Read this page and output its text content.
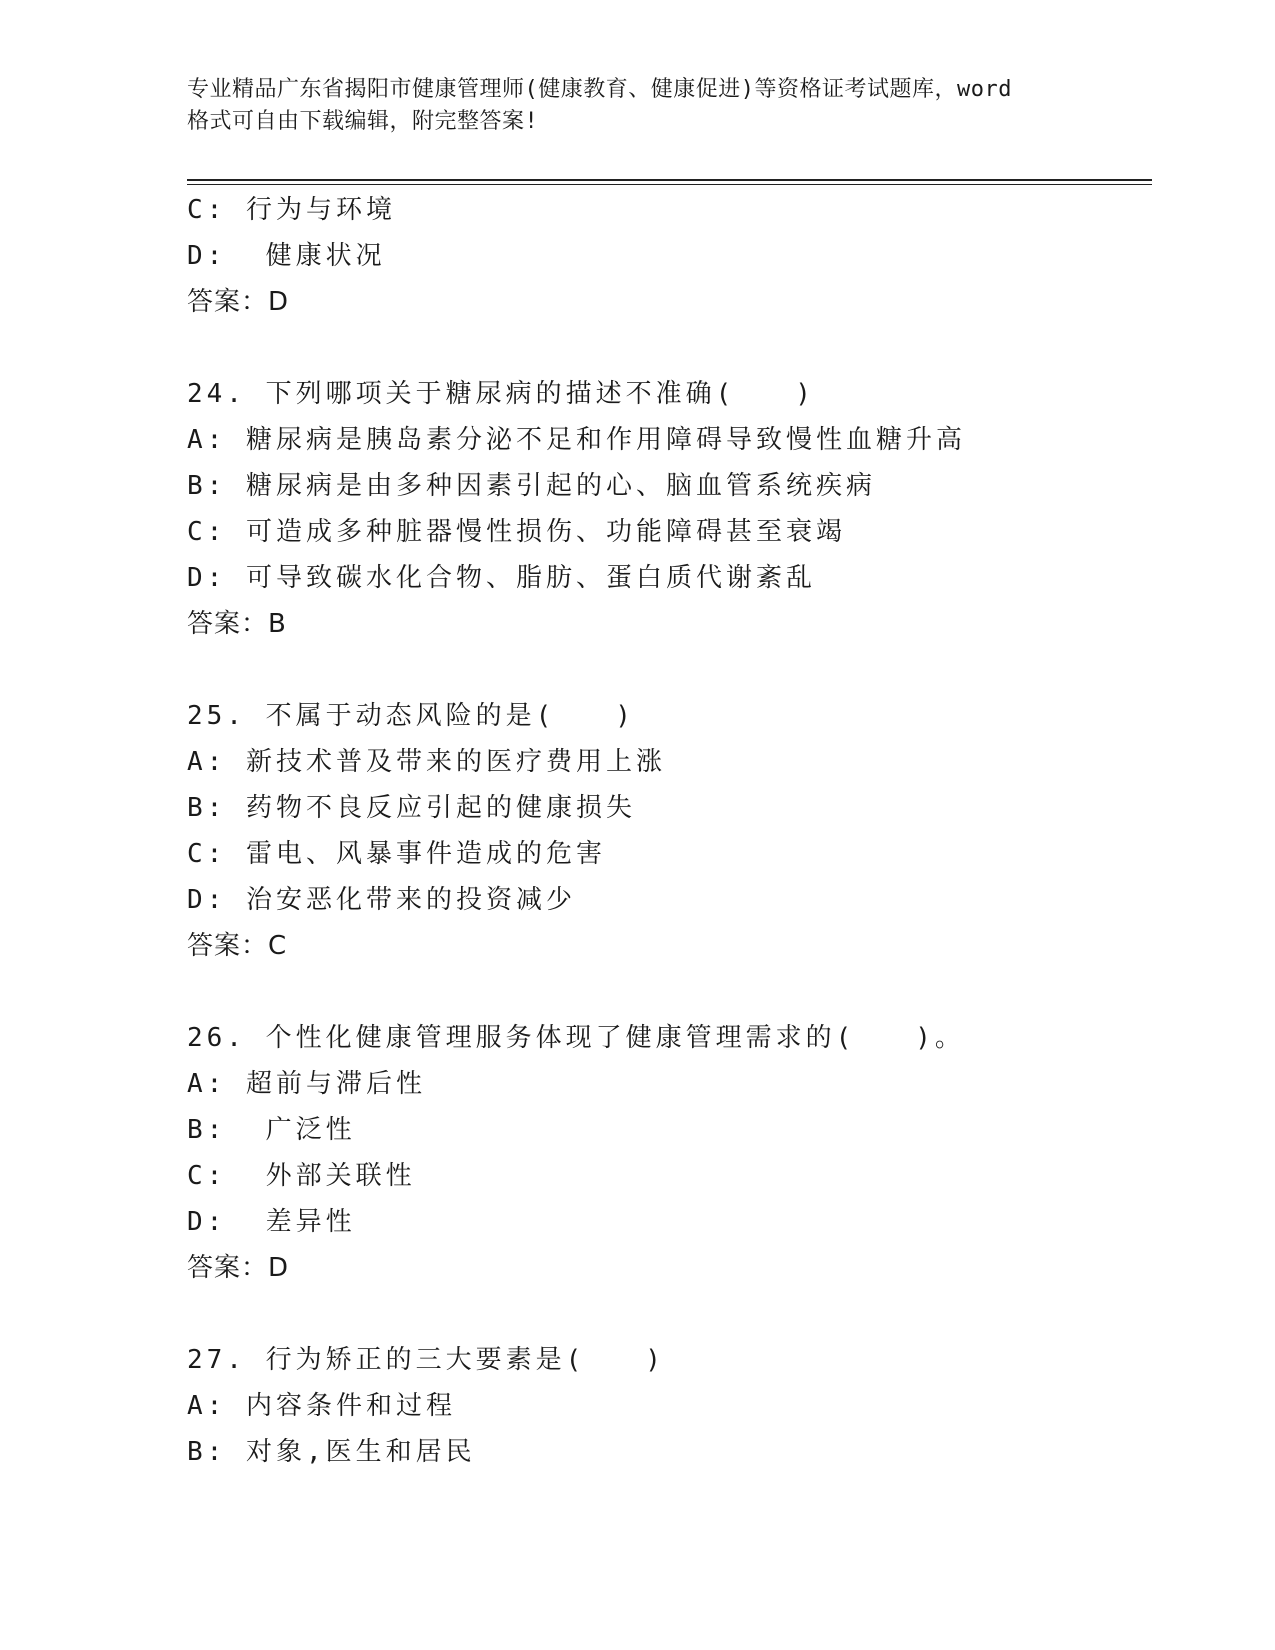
专业精品广东省揭阳市健康管理师(健康教育、健康促进)等资格证考试题库，word
格式可自由下载编辑，附完整答案!
C: 行为与环境
D:  健康状况
答案：D
24. 下列哪项关于糖尿病的描述不准确(　　)
A: 糖尿病是胰岛素分泌不足和作用障碍导致慢性血糖升高
B: 糖尿病是由多种因素引起的心、脑血管系统疾病
C: 可造成多种脏器慢性损伤、功能障碍甚至衰竭
D: 可导致碳水化合物、脂肪、蛋白质代谢紊乱
答案：B
25. 不属于动态风险的是(　　)
A: 新技术普及带来的医疗费用上涨
B: 药物不良反应引起的健康损失
C: 雷电、风暴事件造成的危害
D: 治安恶化带来的投资减少
答案：C
26. 个性化健康管理服务体现了健康管理需求的(　　)。
A: 超前与滞后性
B:  广泛性
C:  外部关联性
D:  差异性
答案：D
27. 行为矫正的三大要素是(　　)
A: 内容条件和过程
B: 对象,医生和居民
